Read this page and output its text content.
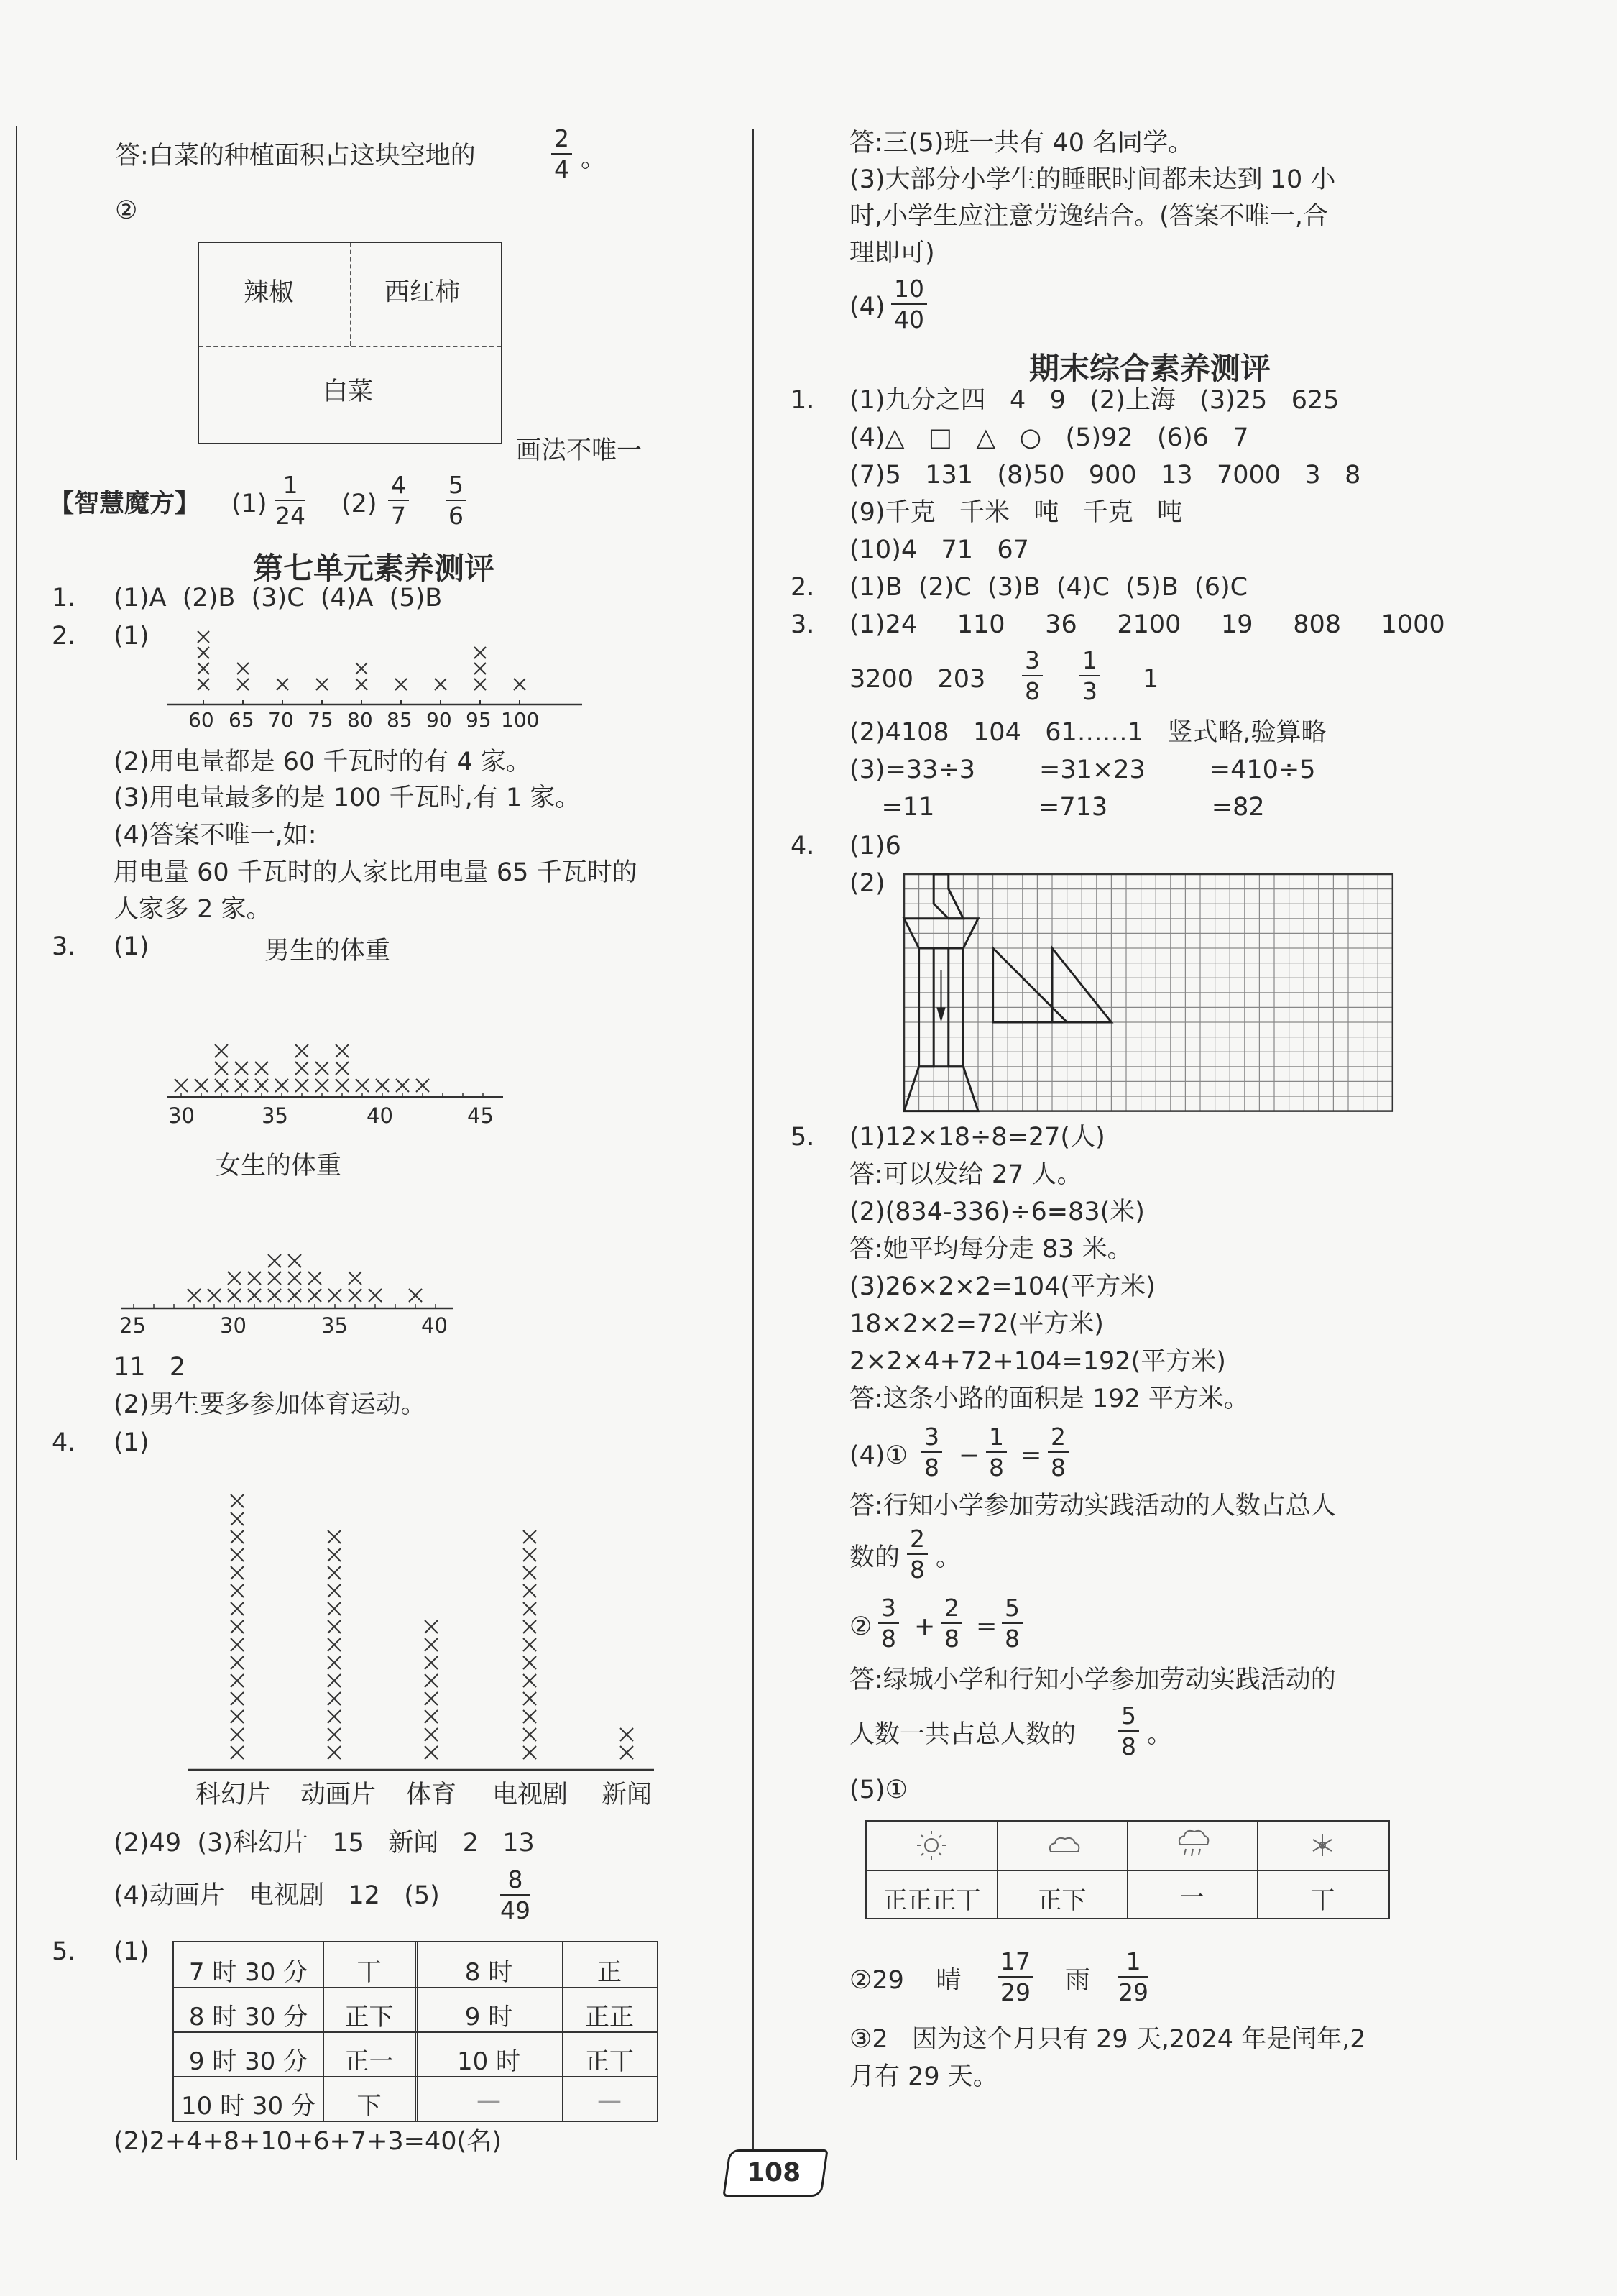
答:白菜的种植面积占这块空地的	$\frac{2}{4}$ 。
②
辣椒	西红柿
白菜
画法不唯一
【智慧魔方】 $(1) \frac{1}{24} (2) \frac{4}{7} \frac{5}{6}$
第七单元素养测评
1. (1)A  (2)B  (3)C  (4)A  (5)B
2. (1)
60 65 70 75 80 85 90 95 100
(2)用电量都是 60 千瓦时的有 4 家。
(3)用电量最多的是 100 千瓦时,有 1 家。
(4)答案不唯一,如:
用电量 60 千瓦时的人家比用电量 65 千瓦时的
人家多 2 家。
3. (1)	男生的体重
30	35	40	45
女生的体重
25	30	35	40
11   2
(2)男生要多参加体育运动。
4. (1)
科幻片 动画片 体育 电视剧 新闻
(2)49  (3)科幻片   15   新闻   2   13
(4)动画片   电视剧   12   (5)	$\frac{8}{49}$
5. (1)
7 时 30 分	丅	8 时	正
8 时 30 分	正下	9 时	正正
9 时 30 分	正一	10 时	正丅
10 时 30 分	下	—	—
(2)2+4+8+10+6+7+3=40(名)
答:三(5)班一共有 40 名同学。
(3)大部分小学生的睡眠时间都未达到 10 小
时,小学生应注意劳逸结合。(答案不唯一,合
理即可)
$(4) \frac{10}{40}$
期末综合素养测评
1. (1)九分之四   4   9   (2)上海   (3)25   625
(4)△   □   △   ○   (5)92   (6)6   7
(7)5   131   (8)50   900   13   7000   3   8
(9)千克   千米   吨   千克   吨
(10)4   71   67
2. (1)B  (2)C  (3)B  (4)C  (5)B  (6)C
3. (1)24     110     36     2100     19     808     1000
3200   $203 \frac{3}{8} \frac{1}{3} 1$
(2)4108   104   61……1   竖式略,验算略
(3)=33÷3        =31×23        =410÷5
=11             =713             =82
4. (1)6
(2)
5. (1)12×18÷8=27(人)
答:可以发给 27 人。
(2)(834-336)÷6=83(米)
答:她平均每分走 83 米。
(3)26×2×2=104(平方米)
18×2×2=72(平方米)
2×2×4+72+104=192(平方米)
答:这条小路的面积是 192 平方米。
(4)① $\frac{3}{8} - \frac{1}{8} = \frac{2}{8}$
答:行知小学参加劳动实践活动的人数占总人
数的 $\frac{2}{8}$ 。
② $\frac{3}{8} + \frac{2}{8} = \frac{5}{8}$
答:绿城小学和行知小学参加劳动实践活动的
人数一共占总人数的 $\frac{5}{8}$ 。
(5)①
正正正丅	正下	一	丅
②29    晴 $\frac{17}{29}$ 雨 $\frac{1}{29}$
③2   因为这个月只有 29 天,2024 年是闰年,2
月有 29 天。
108
